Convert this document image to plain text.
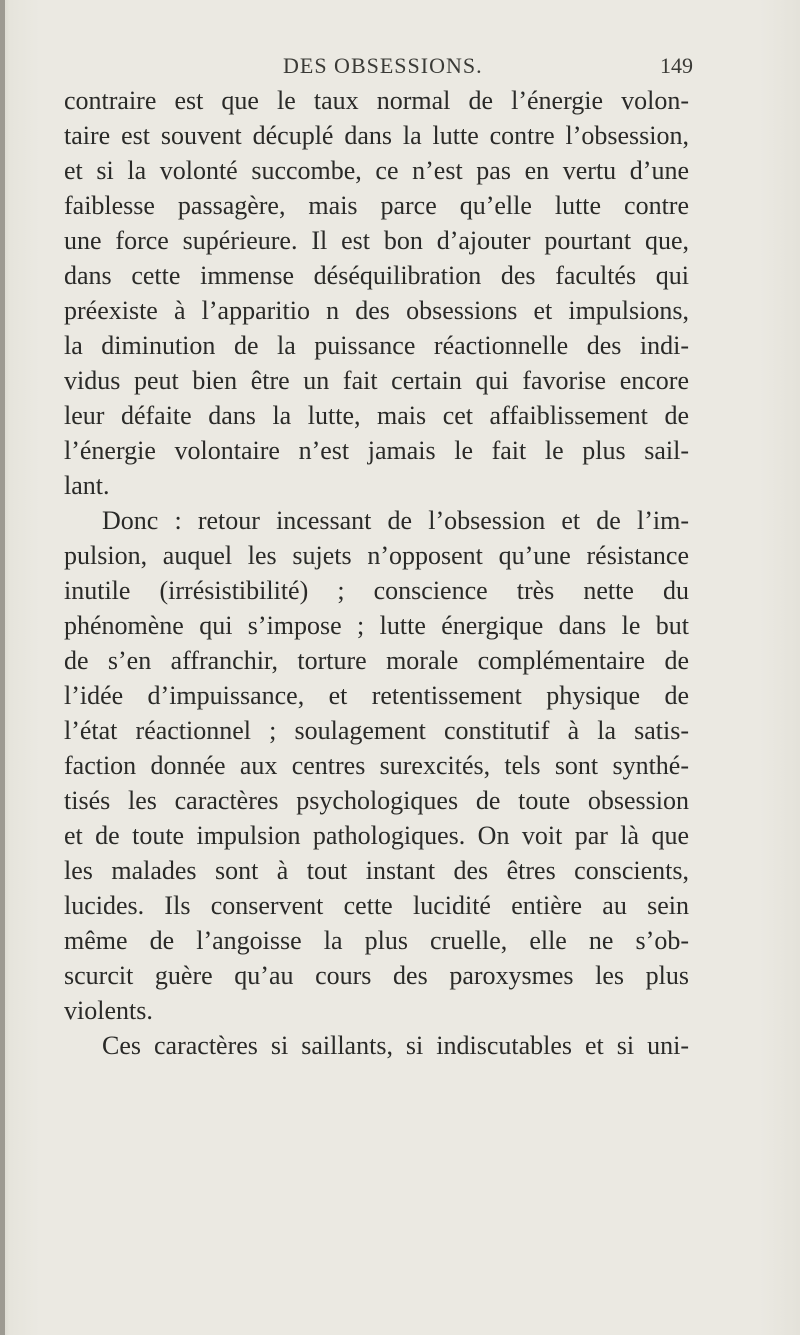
DES OBSESSIONS.	149
contraire est que le taux normal de l’énergie volon-
taire est souvent décuplé dans la lutte contre l’obsession,
et si la volonté succombe, ce n’est pas en vertu d’une
faiblesse passagère, mais parce qu’elle lutte contre
une force supérieure. Il est bon d’ajouter pourtant que,
dans cette immense déséquilibration des facultés qui
préexiste à l’apparitio n des obsessions et impulsions,
la diminution de la puissance réactionnelle des indi-
vidus peut bien être un fait certain qui favorise encore
leur défaite dans la lutte, mais cet affaiblissement de
l’énergie volontaire n’est jamais le fait le plus sail-
lant.
Donc : retour incessant de l’obsession et de l’im-
pulsion, auquel les sujets n’opposent qu’une résistance
inutile (irrésistibilité) ; conscience très nette du
phénomène qui s’impose ; lutte énergique dans le but
de s’en affranchir, torture morale complémentaire de
l’idée d’impuissance, et retentissement physique de
l’état réactionnel ; soulagement constitutif à la satis-
faction donnée aux centres surexcités, tels sont synthé-
tisés les caractères psychologiques de toute obsession
et de toute impulsion pathologiques. On voit par là que
les malades sont à tout instant des êtres conscients,
lucides. Ils conservent cette lucidité entière au sein
même de l’angoisse la plus cruelle, elle ne s’ob-
scurcit guère qu’au cours des paroxysmes les plus
violents.
Ces caractères si saillants, si indiscutables et si uni-
